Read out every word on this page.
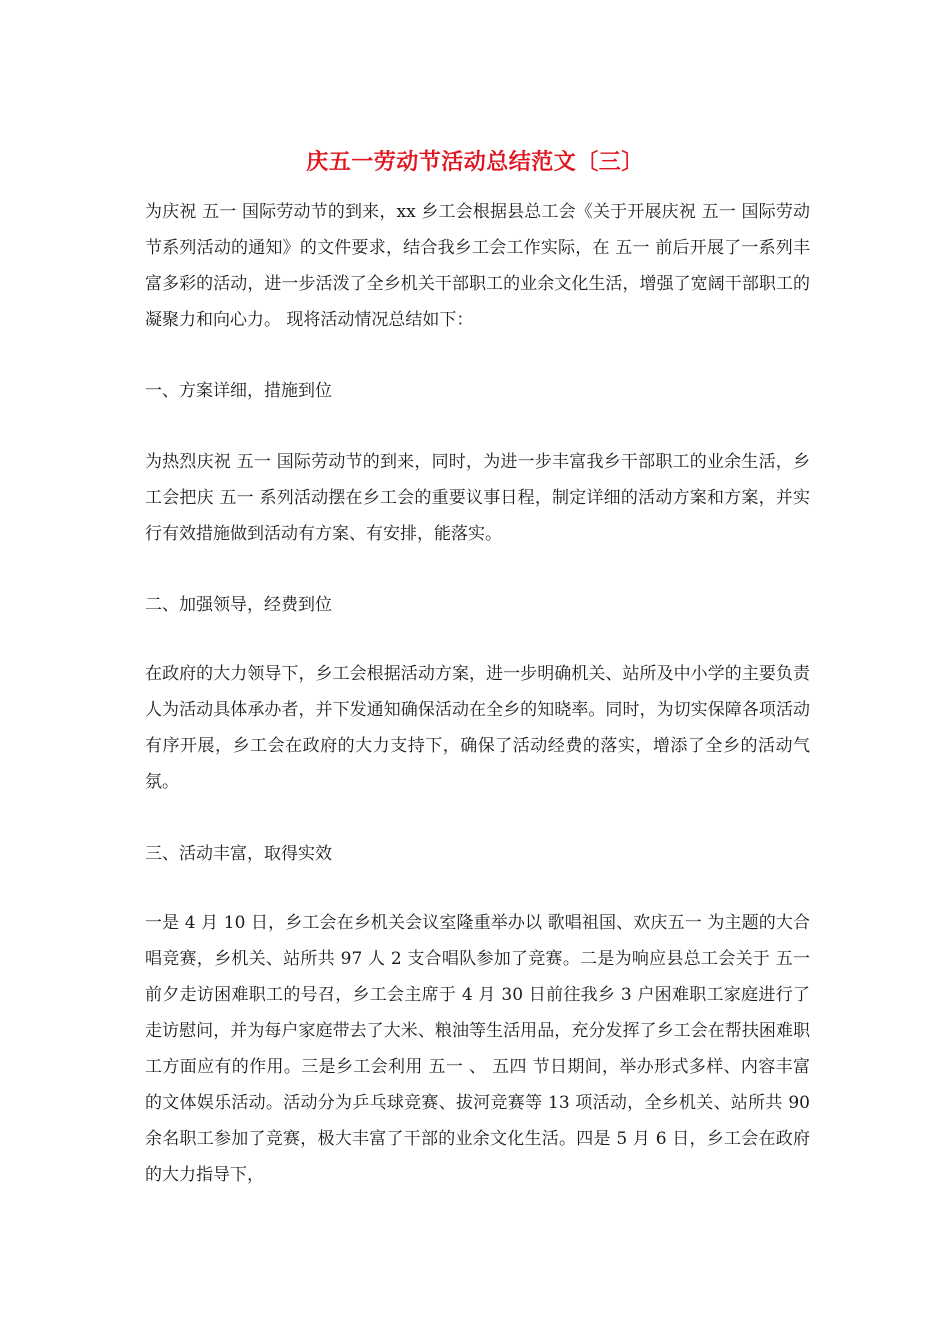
庆五一劳动节活动总结范文〔三〕

为庆祝 五一 国际劳动节的到来，xx 乡工会根据县总工会《关于开展庆祝 五一 国际劳动节系列活动的通知》的文件要求，结合我乡工会工作实际，在 五一 前后开展了一系列丰富多彩的活动，进一步活泼了全乡机关干部职工的业余文化生活，增强了宽阔干部职工的凝聚力和向心力。 现将活动情况总结如下：

一、方案详细，措施到位

为热烈庆祝 五一 国际劳动节的到来，同时，为进一步丰富我乡干部职工的业余生活，乡工会把庆 五一 系列活动摆在乡工会的重要议事日程，制定详细的活动方案和方案，并实行有效措施做到活动有方案、有安排，能落实。

二、加强领导，经费到位

在政府的大力领导下，乡工会根据活动方案，进一步明确机关、站所及中小学的主要负责人为活动具体承办者，并下发通知确保活动在全乡的知晓率。同时，为切实保障各项活动有序开展，乡工会在政府的大力支持下，确保了活动经费的落实，增添了全乡的活动气氛。

三、活动丰富，取得实效

一是 4 月 10 日，乡工会在乡机关会议室隆重举办以 歌唱祖国、欢庆五一 为主题的大合唱竞赛，乡机关、站所共 97 人 2 支合唱队参加了竞赛。二是为响应县总工会关于 五一 前夕走访困难职工的号召，乡工会主席于 4 月 30 日前往我乡 3 户困难职工家庭进行了走访慰问，并为每户家庭带去了大米、粮油等生活用品，充分发挥了乡工会在帮扶困难职工方面应有的作用。三是乡工会利用 五一 、 五四 节日期间，举办形式多样、内容丰富的文体娱乐活动。活动分为乒乓球竞赛、拔河竞赛等 13 项活动，全乡机关、站所共 90 余名职工参加了竞赛，极大丰富了干部的业余文化生活。四是 5 月 6 日，乡工会在政府的大力指导下，
